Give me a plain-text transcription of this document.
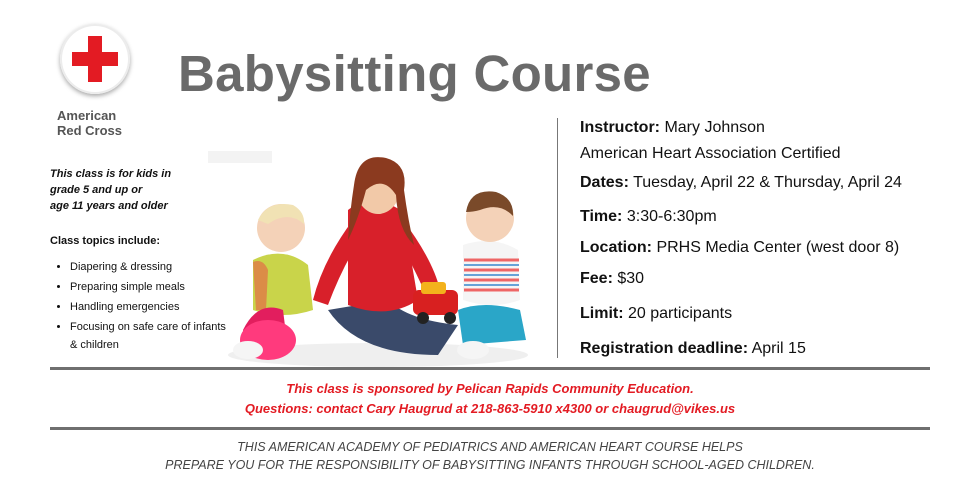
American
Red Cross
Babysitting Course
This class is for kids in
grade 5 and up or
age 11 years and older
Class topics include:
• Diapering & dressing
• Preparing simple meals
• Handling emergencies
• Focusing on safe care of infants & children
Instructor: Mary Johnson
American Heart Association Certified
Dates: Tuesday, April 22 & Thursday, April 24
Time: 3:30-6:30pm
Location: PRHS Media Center (west door 8)
Fee: $30
Limit: 20 participants
Registration deadline: April 15
This class is sponsored by Pelican Rapids Community Education.
Questions: contact Cary Haugrud at 218-863-5910 x4300 or chaugrud@vikes.us
THIS AMERICAN ACADEMY OF PEDIATRICS AND AMERICAN HEART COURSE HELPS
PREPARE YOU FOR THE RESPONSIBILITY OF BABYSITTING INFANTS THROUGH SCHOOL-AGED CHILDREN.
